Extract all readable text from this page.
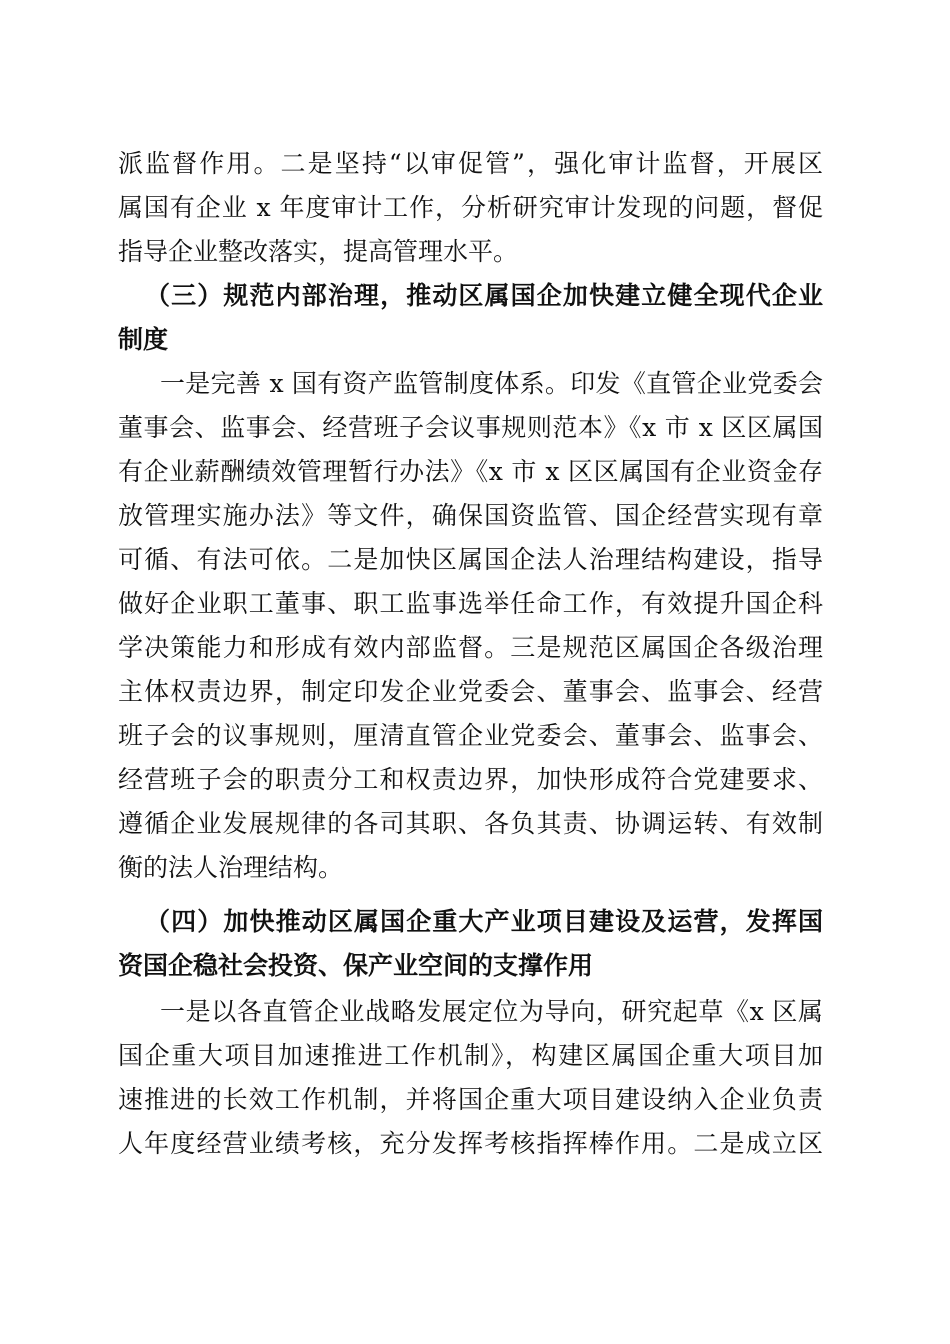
派监督作用。二是坚持“以审促管”，强化审计监督，开展区
属国有企业 x 年度审计工作，分析研究审计发现的问题，督促
指导企业整改落实，提高管理水平。
（三）规范内部治理，推动区属国企加快建立健全现代企业
制度
一是完善 x 国有资产监管制度体系。印发《直管企业党委会
董事会、监事会、经营班子会议事规则范本》《x 市 x 区区属国
有企业薪酬绩效管理暂行办法》《x 市 x 区区属国有企业资金存
放管理实施办法》等文件，确保国资监管、国企经营实现有章
可循、有法可依。二是加快区属国企法人治理结构建设，指导
做好企业职工董事、职工监事选举任命工作，有效提升国企科
学决策能力和形成有效内部监督。三是规范区属国企各级治理
主体权责边界，制定印发企业党委会、董事会、监事会、经营
班子会的议事规则，厘清直管企业党委会、董事会、监事会、
经营班子会的职责分工和权责边界，加快形成符合党建要求、
遵循企业发展规律的各司其职、各负其责、协调运转、有效制
衡的法人治理结构。
（四）加快推动区属国企重大产业项目建设及运营，发挥国
资国企稳社会投资、保产业空间的支撑作用
一是以各直管企业战略发展定位为导向，研究起草《x 区属
国企重大项目加速推进工作机制》，构建区属国企重大项目加
速推进的长效工作机制，并将国企重大项目建设纳入企业负责
人年度经营业绩考核，充分发挥考核指挥棒作用。二是成立区
